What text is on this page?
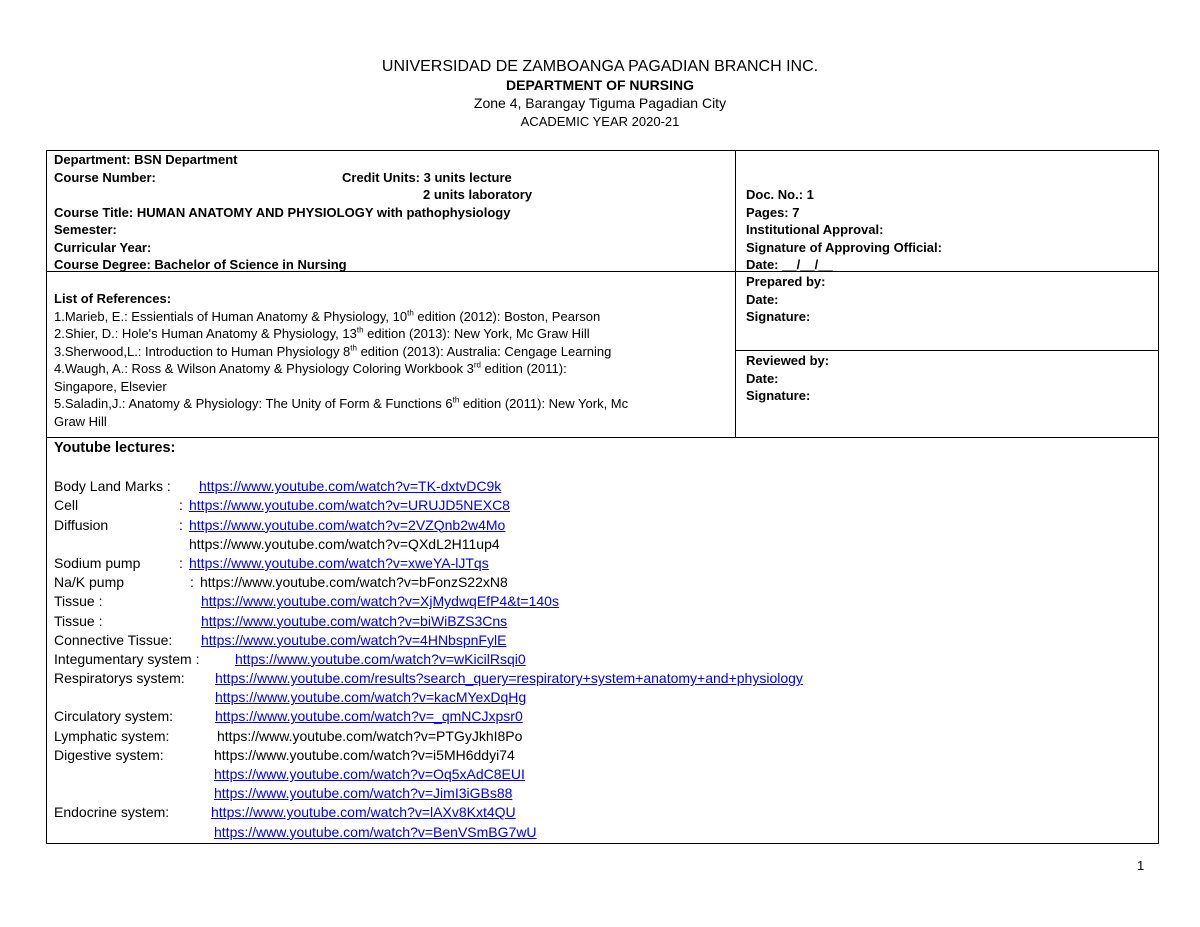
UNIVERSIDAD DE ZAMBOANGA PAGADIAN BRANCH INC.
DEPARTMENT OF NURSING
Zone 4, Barangay Tiguma Pagadian City
ACADEMIC YEAR 2020-21
Department: BSN Department
Course Number:	Credit Units: 3 units lecture
2 units laboratory
Course Title: HUMAN ANATOMY AND PHYSIOLOGY with pathophysiology
Semester:
Curricular Year:
Course Degree: Bachelor of Science in Nursing
Doc. No.: 1
Pages: 7
Institutional Approval:
Signature of Approving Official:
Date: __/__/__
List of References:
1.Marieb, E.: Essientials of Human Anatomy & Physiology, 10th edition (2012): Boston, Pearson
2.Shier, D.: Hole's Human Anatomy & Physiology, 13th edition (2013): New York, Mc Graw Hill
3.Sherwood,L.: Introduction to Human Physiology 8th edition (2013): Australia: Cengage Learning
4.Waugh, A.: Ross & Wilson Anatomy & Physiology Coloring Workbook 3rd edition (2011):
Singapore, Elsevier
5.Saladin,J.: Anatomy & Physiology: The Unity of Form & Functions 6th edition (2011): New York, Mc
Graw Hill
Prepared by:
Date:
Signature:
Reviewed by:
Date:
Signature:
Youtube lectures:
Body Land Marks : https://www.youtube.com/watch?v=TK-dxtvDC9k
Cell	: https://www.youtube.com/watch?v=URUJD5NEXC8
Diffusion	: https://www.youtube.com/watch?v=2VZQnb2w4Mo
https://www.youtube.com/watch?v=QXdL2H11up4
Sodium pump	: https://www.youtube.com/watch?v=xweYA-lJTqs
Na/K pump	: https://www.youtube.com/watch?v=bFonzS22xN8
Tissue :	https://www.youtube.com/watch?v=XjMydwqEfP4&t=140s
Tissue :	https://www.youtube.com/watch?v=biWiBZS3Cns
Connective Tissue: https://www.youtube.com/watch?v=4HNbspnFylE
Integumentary system :	https://www.youtube.com/watch?v=wKicilRsqi0
Respiratorys system: https://www.youtube.com/results?search_query=respiratory+system+anatomy+and+physiology
https://www.youtube.com/watch?v=kacMYexDqHg
Circulatory system:	https://www.youtube.com/watch?v=_qmNCJxpsr0
Lymphatic system:	https://www.youtube.com/watch?v=PTGyJkhI8Po
Digestive system:	https://www.youtube.com/watch?v=i5MH6ddyi74
https://www.youtube.com/watch?v=Oq5xAdC8EUI
https://www.youtube.com/watch?v=JimI3iGBs88
Endocrine system:	https://www.youtube.com/watch?v=lAXv8Kxt4QU
https://www.youtube.com/watch?v=BenVSmBG7wU
1
